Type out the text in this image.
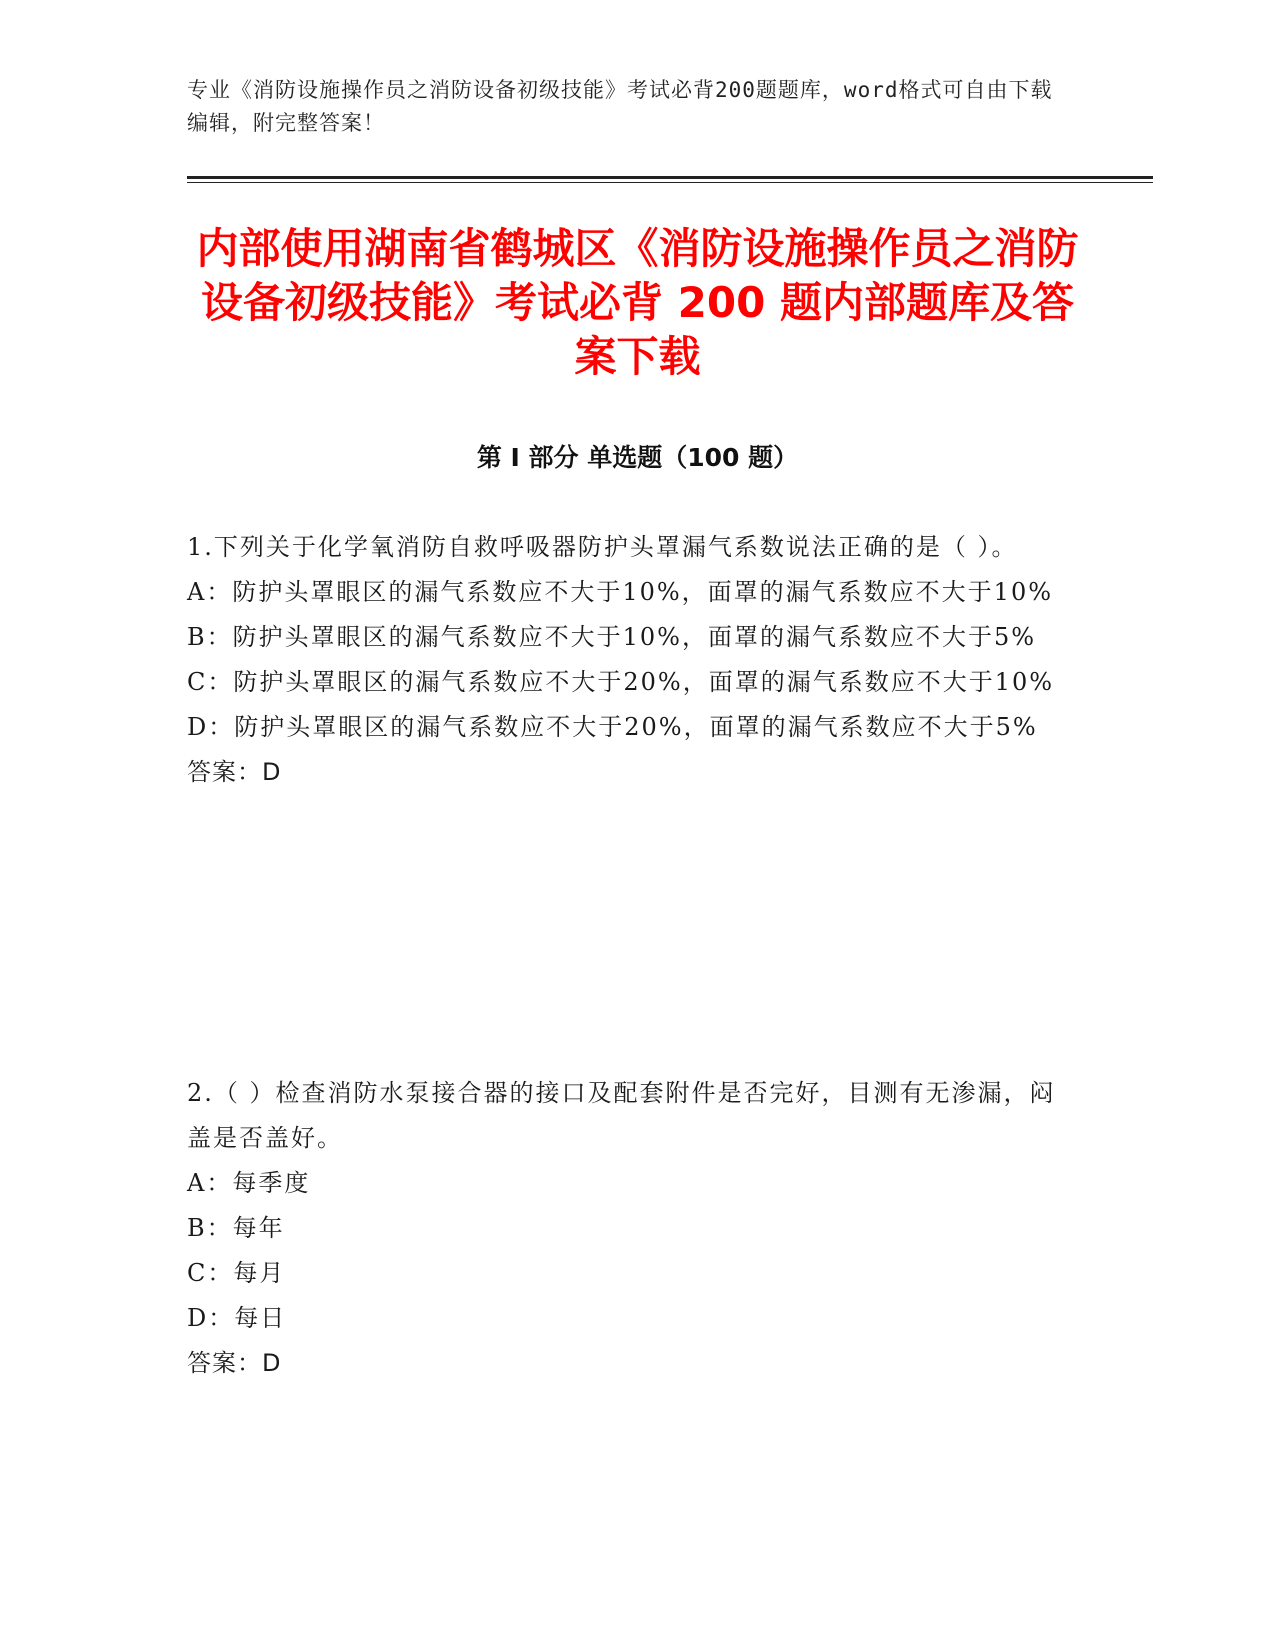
专业《消防设施操作员之消防设备初级技能》考试必背200题题库，word格式可自由下载编辑，附完整答案！
内部使用湖南省鹤城区《消防设施操作员之消防设备初级技能》考试必背 200 题内部题库及答案下载
第 I 部分 单选题（100 题）
1.下列关于化学氧消防自救呼吸器防护头罩漏气系数说法正确的是（ ）。
A：防护头罩眼区的漏气系数应不大于10%，面罩的漏气系数应不大于10%
B：防护头罩眼区的漏气系数应不大于10%，面罩的漏气系数应不大于5%
C：防护头罩眼区的漏气系数应不大于20%，面罩的漏气系数应不大于10%
D：防护头罩眼区的漏气系数应不大于20%，面罩的漏气系数应不大于5%
答案：D
2.（ ）检查消防水泵接合器的接口及配套附件是否完好，目测有无渗漏，闷盖是否盖好。
A：每季度
B：每年
C：每月
D：每日
答案：D
